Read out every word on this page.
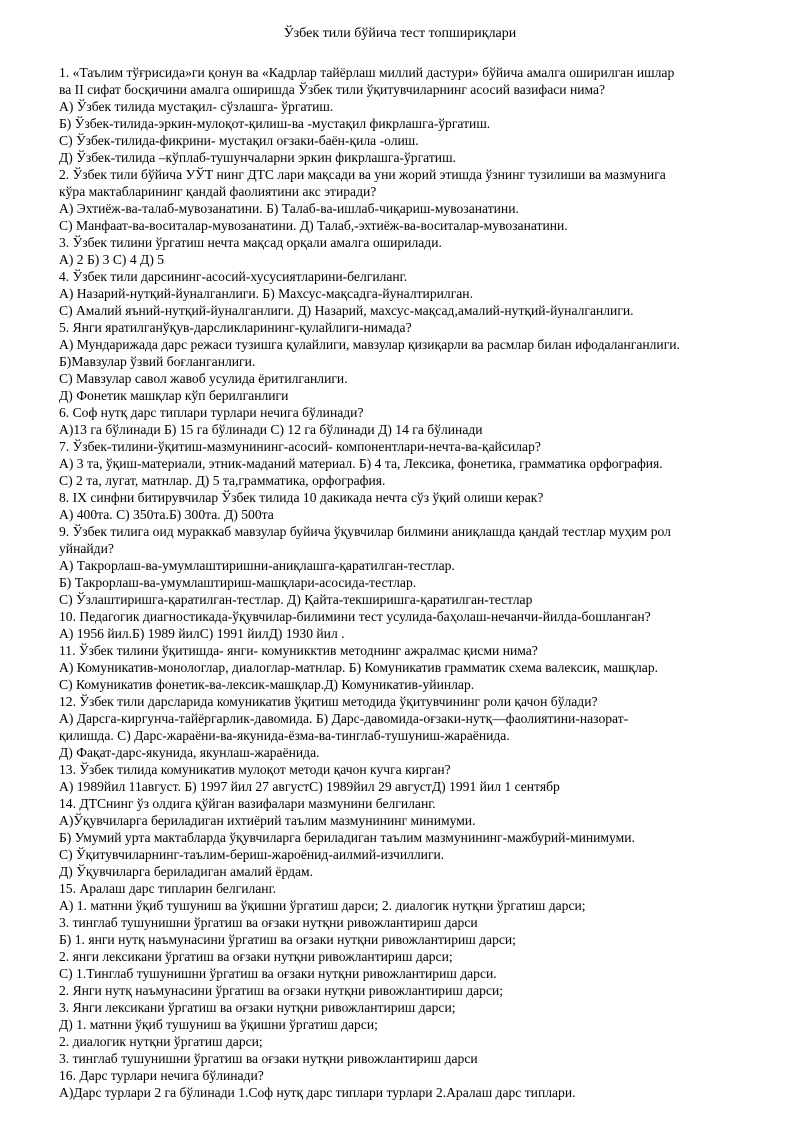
Ўзбек тили бўйича тест топшириқлари
1. «Таълим тўғрисида»ги қонун ва «Кадрлар тайёрлаш миллий дастури» бўйича амалга оширилган ишлар
ва II сифат босқичини амалга оширишда Ўзбек тили ўқитувчиларнинг асосий вазифаси нима?
А) Ўзбек тилида мустақил- сўзлашга- ўргатиш.
Б) Ўзбек-тилида-эркин-мулоқот-қилиш-ва -мустақил фикрлашга-ўргатиш.
С) Ўзбек-тилида-фикрини- мустақил оғзаки-баён-қила -олиш.
Д) Ўзбек-тилида –кўплаб-тушунчаларни эркин фикрлашга-ўргатиш.
2. Ўзбек тили бўйича УЎТ нинг ДТС лари мақсади ва уни жорий этишда ўзнинг тузилиши ва мазмунига
кўра мактабларининг қандай фаолиятини акс этиради?
А) Эхтиёж-ва-талаб-мувозанатини. Б) Талаб-ва-ишлаб-чиқариш-мувозанатини.
С) Манфаат-ва-воситалар-мувозанатини. Д) Талаб,-эхтиёж-ва-воситалар-мувозанатини.
3. Ўзбек тилини ўргатиш нечта мақсад орқали амалга оширилади.
А) 2 Б) 3 С) 4 Д) 5
4. Ўзбек тили дарсининг-асосий-хусусиятларини-белгиланг.
А) Назарий-нутқий-йуналганлиги. Б) Махсус-мақсадга-йуналтирилган.
С) Амалий яъний-нутқий-йуналганлиги. Д) Назарий, махсус-мақсад,амалий-нутқий-йуналганлиги.
5. Янги яратилганўқув-дарсликларининг-қулайлиги-нимада?
А) Мундарижада дарс режаси тузишга қулайлиги, мавзулар қизиқарли ва расмлар билан ифодаланганлиги.
Б)Мавзулар ўзвий боғланганлиги.
С) Мавзулар савол жавоб усулида ёритилганлиги.
Д) Фонетик машқлар кўп берилганлиги
6. Соф нутқ дарс типлари турлари нечига бўлинади?
А)13 га бўлинади Б) 15 га бўлинади С) 12 га бўлинади Д) 14 га бўлинади
7. Ўзбек-тилини-ўқитиш-мазмунининг-асосий- компонентлари-нечта-ва-қайсилар?
А) 3 та, ўқиш-материали, этник-маданий материал. Б) 4 та, Лексика, фонетика, грамматика орфография.
С) 2 та, лугат, матнлар. Д) 5 та,грамматика, орфография.
8. IX синфни битирувчилар Ўзбек тилида 10 дакикада нечта сўз ўқий олиши керак?
А) 400та. С) 350та.Б) 300та. Д) 500та
9. Ўзбек тилига оид мураккаб мавзулар буйича ўқувчилар билмини аниқлашда қандай тестлар муҳим рол
уйнайди?
А) Такрорлаш-ва-умумлаштиришни-аниқлашга-қаратилган-тестлар.
Б) Такрорлаш-ва-умумлаштириш-машқлари-асосида-тестлар.
С) Ўзлаштиришга-қаратилган-тестлар. Д) Қайта-текширишга-қаратилган-тестлар
10. Педагогик диагностикада-ўқувчилар-билимини тест усулида-баҳолаш-нечанчи-йилда-бошланган?
А) 1956 йил.Б) 1989 йилС) 1991 йилД) 1930 йил .
11. Ўзбек тилини ўқитишда- янги- комуникктив методнинг ажралмас қисми нима?
А) Комуникатив-монологлар, диалоглар-матнлар. Б) Комуникатив грамматик схема валексик, машқлар.
С) Комуникатив фонетик-ва-лексик-машқлар.Д) Комуникатив-уйинлар.
12. Ўзбек тили дарсларида комуникатив ўқитиш методида ўқитувчининг роли қачон бўлади?
А) Дарсга-киргунча-тайёргарлик-давомида. Б) Дарс-давомида-оғзаки-нутқ—фаолиятини-назорат-
қилишда. С) Дарс-жараёни-ва-якунида-ёзма-ва-тинглаб-тушуниш-жараёнида.
Д) Фақат-дарс-якунида, якунлаш-жараёнида.
13. Ўзбек тилида комуникатив мулоқот методи қачон кучга кирган?
А) 1989йил 11август. Б) 1997 йил 27 августС) 1989йил 29 августД) 1991 йил 1 сентябр
14. ДТСнинг ўз олдига қўйган вазифалари мазмунини белгиланг.
А)Ўқувчиларга бериладиган ихтиёрий таълим мазмунининг минимуми.
Б) Умумий урта мактабларда ўқувчиларга бериладиган таълим мазмунининг-мажбурий-минимуми.
С) Ўқитувчиларнинг-таълим-бериш-жароёнид-аилмий-изчиллиги.
Д) Ўқувчиларга бериладиган амалий ёрдам.
15. Аралаш дарс типларин белгиланг.
А) 1. матнни ўқиб тушуниш ва ўқишни ўргатиш дарси; 2. диалогик нутқни ўргатиш дарси;
3. тинглаб тушунишни ўргатиш ва оғзаки нутқни ривожлантириш дарси
Б) 1. янги нутқ наъмунасини ўргатиш ва оғзаки нутқни ривожлантириш дарси;
2. янги лексикани ўргатиш ва оғзаки нутқни ривожлантириш дарси;
С) 1.Тинглаб тушунишни ўргатиш ва оғзаки нутқни ривожлантириш дарси.
2. Янги нутқ наъмунасини ўргатиш ва оғзаки нутқни ривожлантириш дарси;
3. Янги лексикани ўргатиш ва оғзаки нутқни ривожлантириш дарси;
Д) 1. матнни ўқиб тушуниш ва ўқишни ўргатиш дарси;
2. диалогик нутқни ўргатиш дарси;
3. тинглаб тушунишни ўргатиш ва оғзаки нутқни ривожлантириш дарси
16. Дарс турлари нечига бўлинади?
А)Дарс турлари 2 га бўлинади 1.Соф нутқ дарс типлари турлари 2.Аралаш дарс типлари.
